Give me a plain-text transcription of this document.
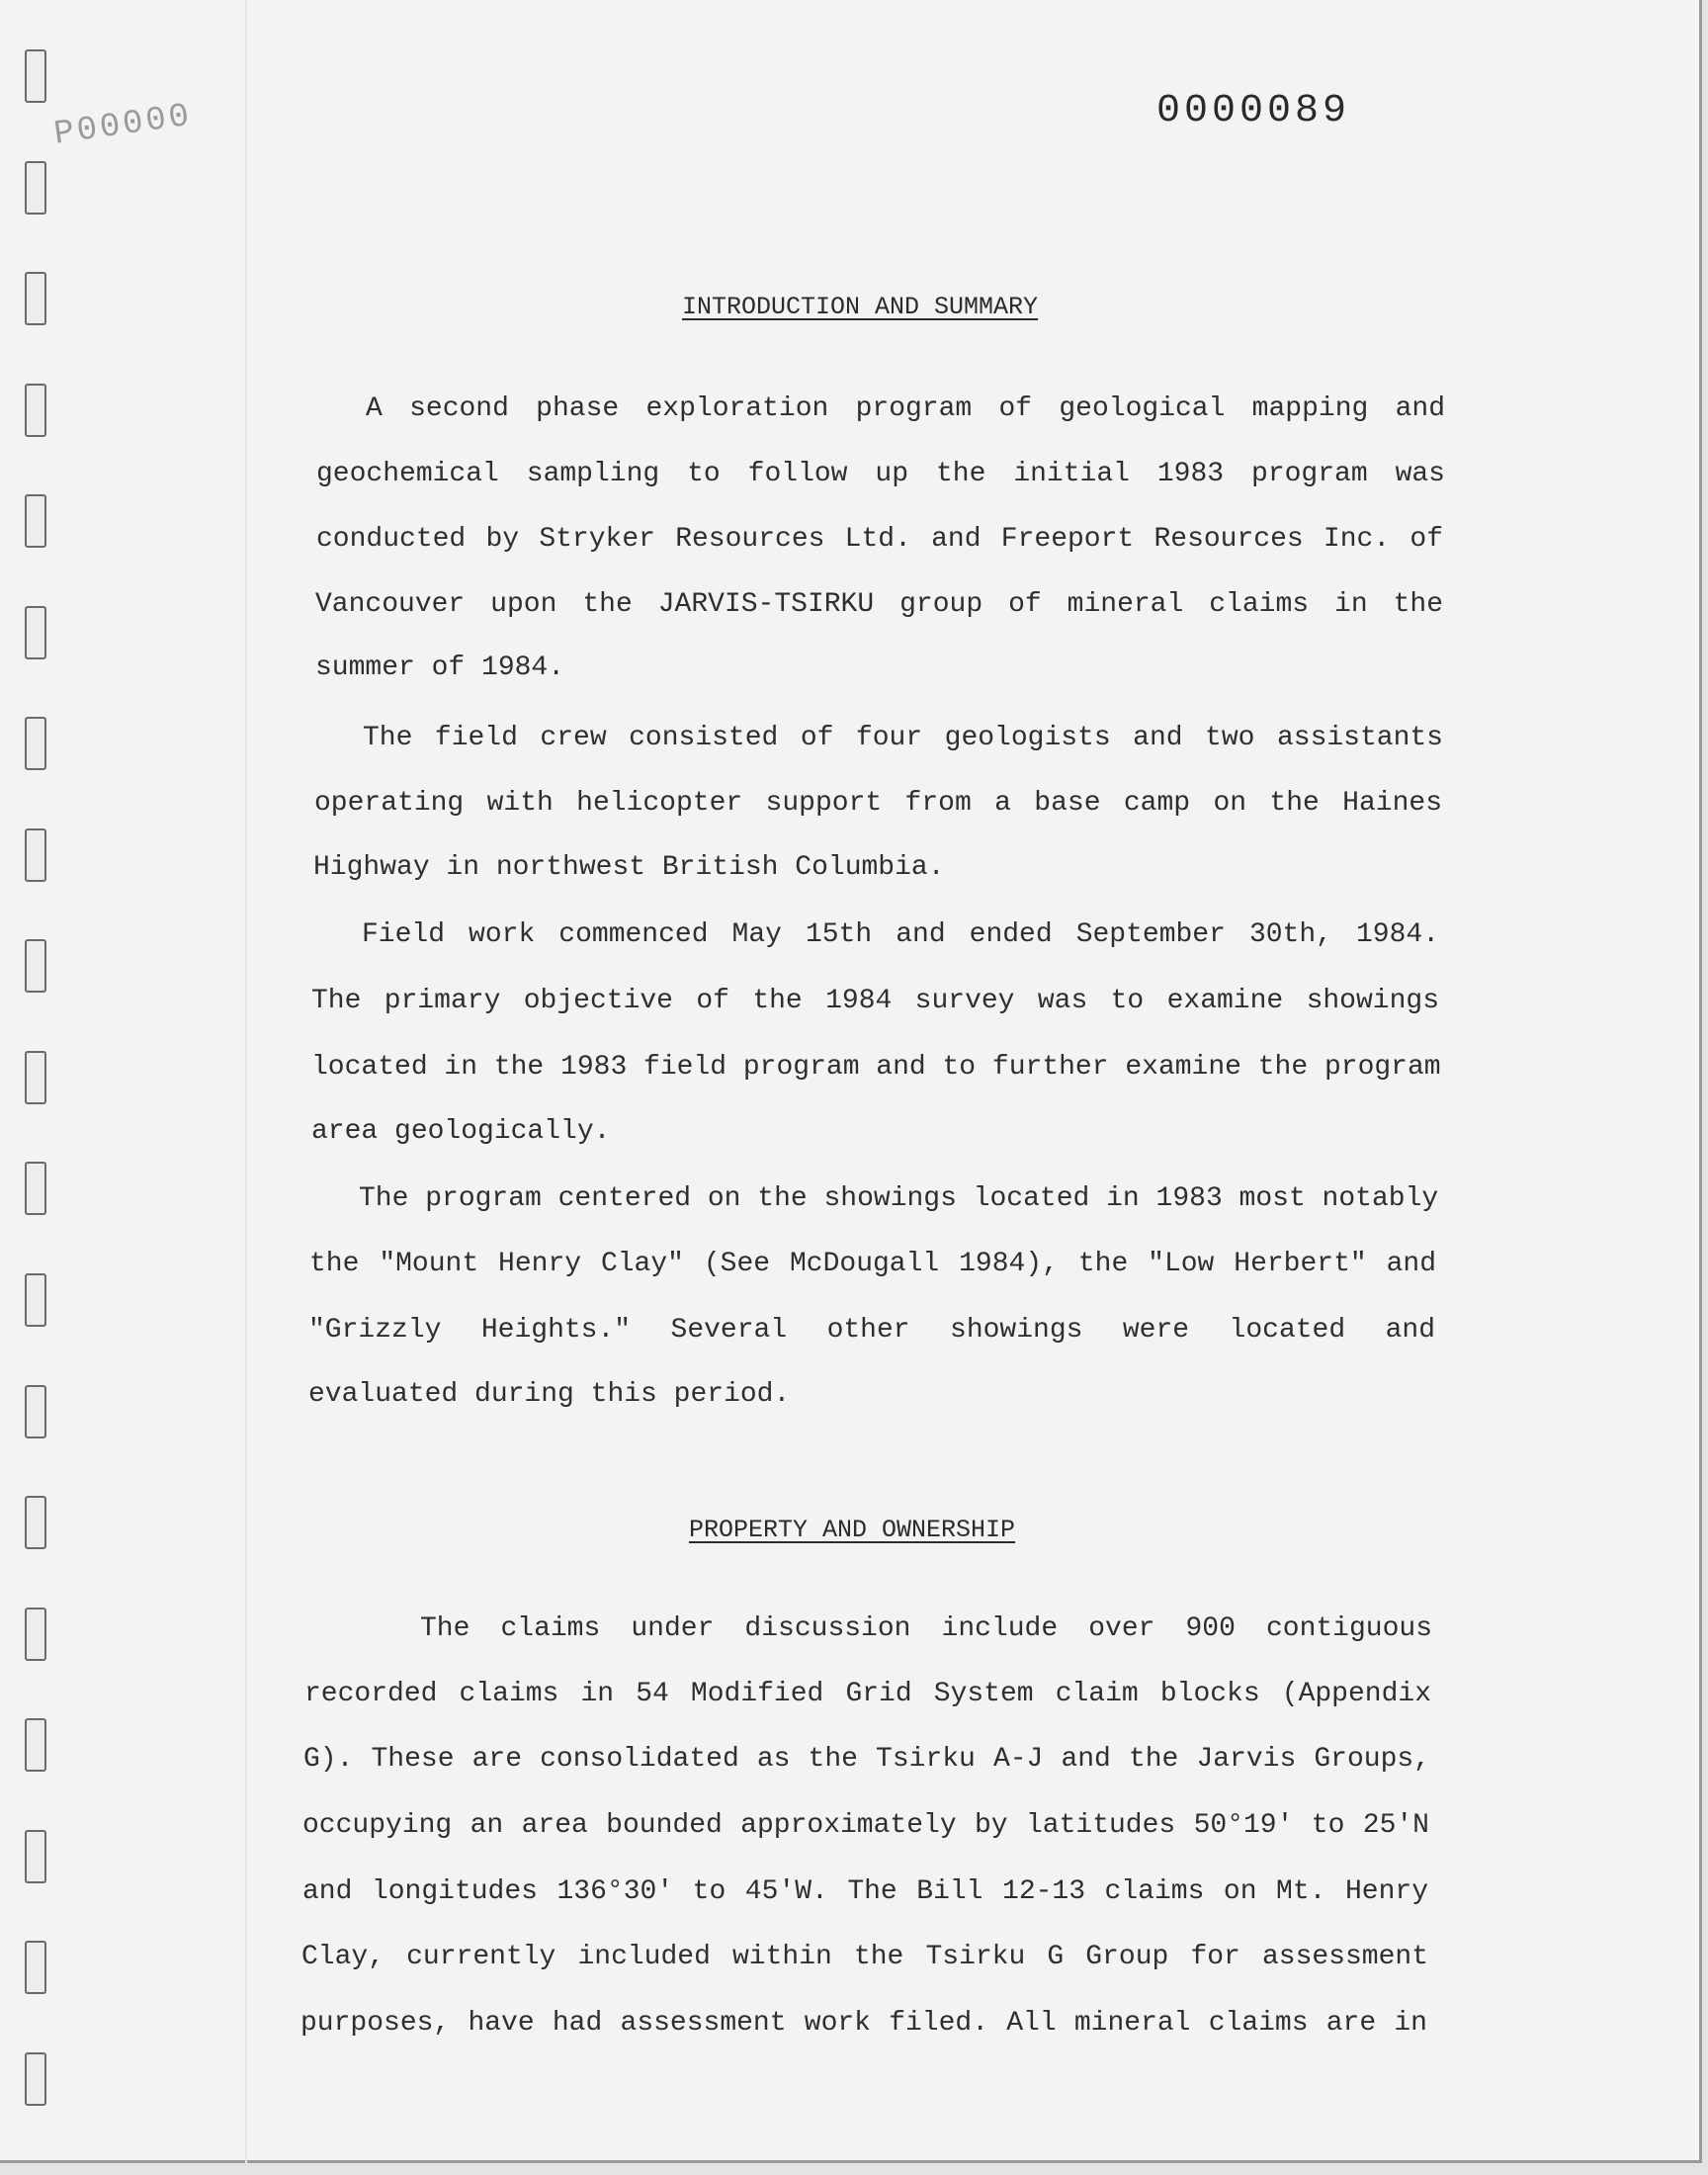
0000089
P00000
INTRODUCTION AND SUMMARY
A second phase exploration program of geological mapping and
geochemical sampling to follow up the initial 1983 program was
conducted by Stryker Resources Ltd. and Freeport Resources Inc. of
Vancouver upon the JARVIS-TSIRKU group of mineral claims in the
summer of 1984.
The field crew consisted of four geologists and two assistants
operating with helicopter support from a base camp on the Haines
Highway in northwest British Columbia.
Field work commenced May 15th and ended September 30th, 1984.
The primary objective of the 1984 survey was to examine showings
located in the 1983 field program and to further examine the program
area geologically.
The program centered on the showings located in 1983 most notably
the "Mount Henry Clay" (See McDougall 1984), the "Low Herbert" and
"Grizzly Heights." Several other showings were located and
evaluated during this period.
PROPERTY AND OWNERSHIP
The claims under discussion include over 900 contiguous
recorded claims in 54 Modified Grid System claim blocks (Appendix
G). These are consolidated as the Tsirku A-J and the Jarvis Groups,
occupying an area bounded approximately by latitudes 50°19' to 25'N
and longitudes 136°30' to 45'W. The Bill 12-13 claims on Mt. Henry
Clay, currently included within the Tsirku G Group for assessment
purposes, have had assessment work filed. All mineral claims are in
